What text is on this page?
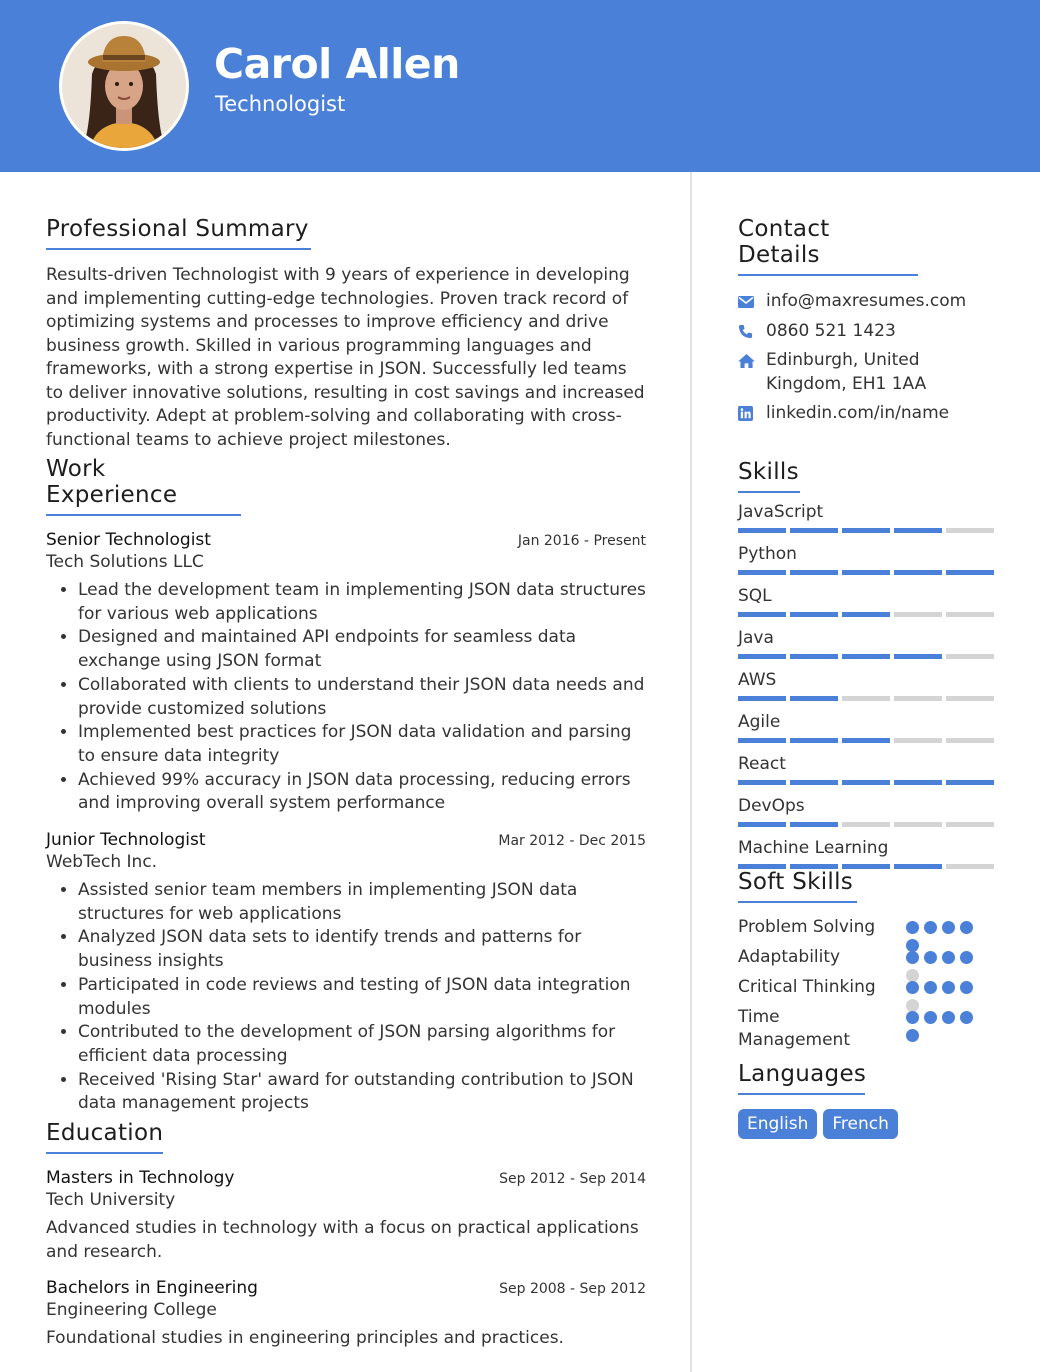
Carol Allen
Technologist
Professional Summary

Results-driven Technologist with 9 years of experience in developing and implementing cutting-edge technologies. Proven track record of optimizing systems and processes to improve efficiency and drive business growth. Skilled in various programming languages and frameworks, with a strong expertise in JSON. Successfully led teams to deliver innovative solutions, resulting in cost savings and increased productivity. Adept at problem-solving and collaborating with cross-functional teams to achieve project milestones.

Work Experience
Senior Technologist	Jan 2016 - Present
Tech Solutions LLC
• Lead the development team in implementing JSON data structures for various web applications
• Designed and maintained API endpoints for seamless data exchange using JSON format
• Collaborated with clients to understand their JSON data needs and provide customized solutions
• Implemented best practices for JSON data validation and parsing to ensure data integrity
• Achieved 99% accuracy in JSON data processing, reducing errors and improving overall system performance
Junior Technologist	Mar 2012 - Dec 2015
WebTech Inc.
• Assisted senior team members in implementing JSON data structures for web applications
• Analyzed JSON data sets to identify trends and patterns for business insights
• Participated in code reviews and testing of JSON data integration modules
• Contributed to the development of JSON parsing algorithms for efficient data processing
• Received 'Rising Star' award for outstanding contribution to JSON data management projects
Education
Masters in Technology	Sep 2012 - Sep 2014
Tech University

Advanced studies in technology with a focus on practical applications and research.

Bachelors in Engineering	Sep 2008 - Sep 2012
Engineering College

Foundational studies in engineering principles and practices.

Contact Details
info@maxresumes.com
0860 521 1423
Edinburgh, United Kingdom, EH1 1AA
linkedin.com/in/name
Skills
JavaScript
Python
SQL
Java
AWS
Agile
React
DevOps
Machine Learning
Soft Skills
Problem Solving
Adaptability
Critical Thinking
Time Management
Languages
English	French
